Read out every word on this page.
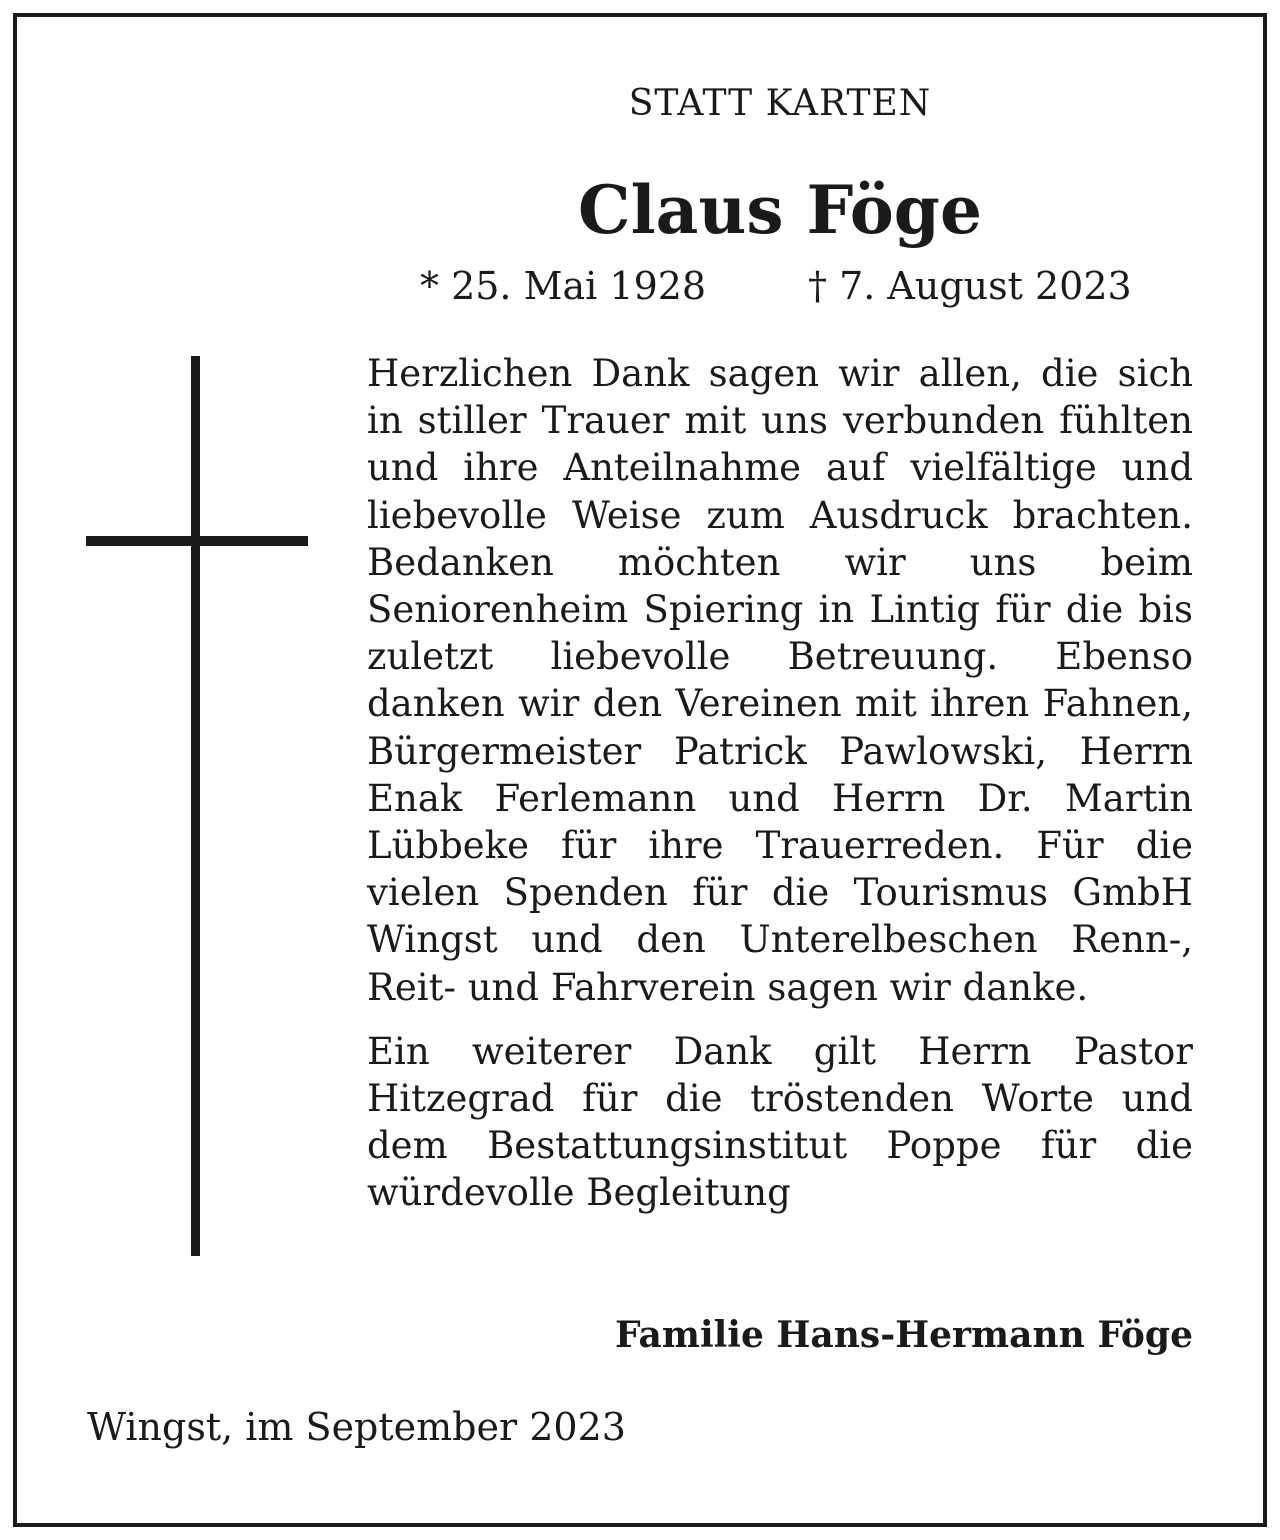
STATT KARTEN
Claus Föge
* 25. Mai 1928	† 7. August 2023

Herzlichen Dank sagen wir allen, die sich in stiller Trauer mit uns verbunden fühlten und ihre Anteilnahme auf vielfältige und liebevolle Weise zum Ausdruck brachten. Bedanken möchten wir uns beim Seniorenheim Spiering in Lintig für die bis zuletzt liebevolle Betreuung. Ebenso danken wir den Vereinen mit ihren Fahnen, Bürgermeister Patrick Pawlowski, Herrn Enak Ferlemann und Herrn Dr. Martin Lübbeke für ihre Trauerreden. Für die vielen Spenden für die Tourismus GmbH Wingst und den Unterelbeschen Renn-, Reit- und Fahrverein sagen wir danke.

Ein weiterer Dank gilt Herrn Pastor Hitzegrad für die tröstenden Worte und dem Bestattungsinstitut Poppe für die würdevolle Begleitung

Familie Hans-Hermann Föge
Wingst, im September 2023
